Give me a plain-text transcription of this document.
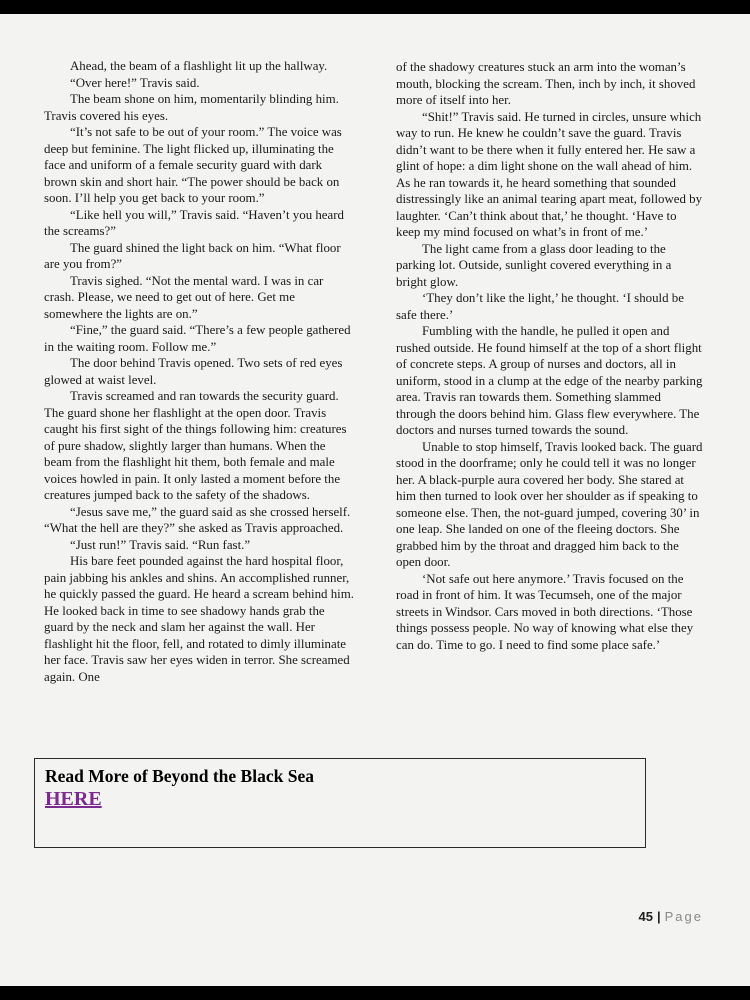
Ahead, the beam of a flashlight lit up the hallway.

“Over here!” Travis said.

The beam shone on him, momentarily blinding him. Travis covered his eyes.

“It’s not safe to be out of your room.” The voice was deep but feminine. The light flicked up, illuminating the face and uniform of a female security guard with dark brown skin and short hair. “The power should be back on soon. I’ll help you get back to your room.”

“Like hell you will,” Travis said. “Haven’t you heard the screams?”

The guard shined the light back on him. “What floor are you from?”

Travis sighed. “Not the mental ward. I was in car crash. Please, we need to get out of here. Get me somewhere the lights are on.”

“Fine,” the guard said. “There’s a few people gathered in the waiting room. Follow me.”

The door behind Travis opened. Two sets of red eyes glowed at waist level.

Travis screamed and ran towards the security guard. The guard shone her flashlight at the open door. Travis caught his first sight of the things following him: creatures of pure shadow, slightly larger than humans. When the beam from the flashlight hit them, both female and male voices howled in pain. It only lasted a moment before the creatures jumped back to the safety of the shadows.

“Jesus save me,” the guard said as she crossed herself. “What the hell are they?” she asked as Travis approached.

“Just run!” Travis said. “Run fast.”

His bare feet pounded against the hard hospital floor, pain jabbing his ankles and shins. An accomplished runner, he quickly passed the guard. He heard a scream behind him. He looked back in time to see shadowy hands grab the guard by the neck and slam her against the wall. Her flashlight hit the floor, fell, and rotated to dimly illuminate her face. Travis saw her eyes widen in terror. She screamed again. One

of the shadowy creatures stuck an arm into the woman’s mouth, blocking the scream. Then, inch by inch, it shoved more of itself into her.

“Shit!” Travis said. He turned in circles, unsure which way to run. He knew he couldn’t save the guard. Travis didn’t want to be there when it fully entered her. He saw a glint of hope: a dim light shone on the wall ahead of him. As he ran towards it, he heard something that sounded distressingly like an animal tearing apart meat, followed by laughter. ‘Can’t think about that,’ he thought. ‘Have to keep my mind focused on what’s in front of me.’

The light came from a glass door leading to the parking lot. Outside, sunlight covered everything in a bright glow.

‘They don’t like the light,’ he thought. ‘I should be safe there.’

Fumbling with the handle, he pulled it open and rushed outside. He found himself at the top of a short flight of concrete steps. A group of nurses and doctors, all in uniform, stood in a clump at the edge of the nearby parking area. Travis ran towards them. Something slammed through the doors behind him. Glass flew everywhere. The doctors and nurses turned towards the sound.

Unable to stop himself, Travis looked back. The guard stood in the doorframe; only he could tell it was no longer her. A black-purple aura covered her body. She stared at him then turned to look over her shoulder as if speaking to someone else. Then, the not-guard jumped, covering 30’ in one leap. She landed on one of the fleeing doctors. She grabbed him by the throat and dragged him back to the open door.

‘Not safe out here anymore.’ Travis focused on the road in front of him. It was Tecumseh, one of the major streets in Windsor. Cars moved in both directions. ‘Those things possess people. No way of knowing what else they can do. Time to go. I need to find some place safe.’

Read More of Beyond the Black Sea
HERE
45 | Page
